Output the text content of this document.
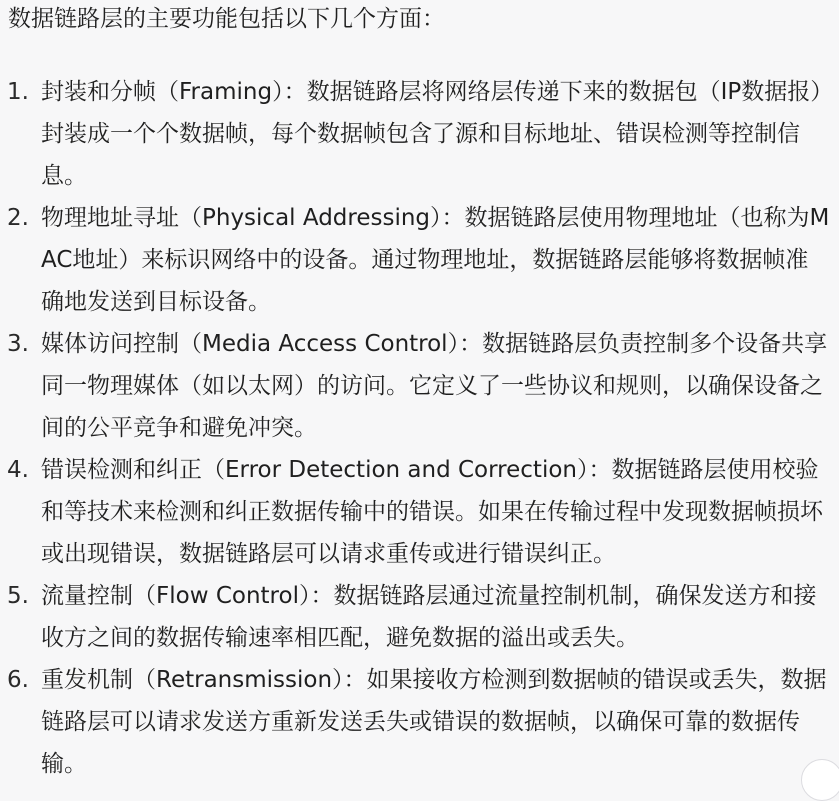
数据链路层的主要功能包括以下几个方面：
1. 封装和分帧（Framing）：数据链路层将网络层传递下来的数据包（IP数据报）封装成一个个数据帧，每个数据帧包含了源和目标地址、错误检测等控制信息。
2. 物理地址寻址（Physical Addressing）：数据链路层使用物理地址（也称为MAC地址）来标识网络中的设备。通过物理地址，数据链路层能够将数据帧准确地发送到目标设备。
3. 媒体访问控制（Media Access Control）：数据链路层负责控制多个设备共享同一物理媒体（如以太网）的访问。它定义了一些协议和规则，以确保设备之间的公平竞争和避免冲突。
4. 错误检测和纠正（Error Detection and Correction）：数据链路层使用校验和等技术来检测和纠正数据传输中的错误。如果在传输过程中发现数据帧损坏或出现错误，数据链路层可以请求重传或进行错误纠正。
5. 流量控制（Flow Control）：数据链路层通过流量控制机制，确保发送方和接收方之间的数据传输速率相匹配，避免数据的溢出或丢失。
6. 重发机制（Retransmission）：如果接收方检测到数据帧的错误或丢失，数据链路层可以请求发送方重新发送丢失或错误的数据帧，以确保可靠的数据传输。
